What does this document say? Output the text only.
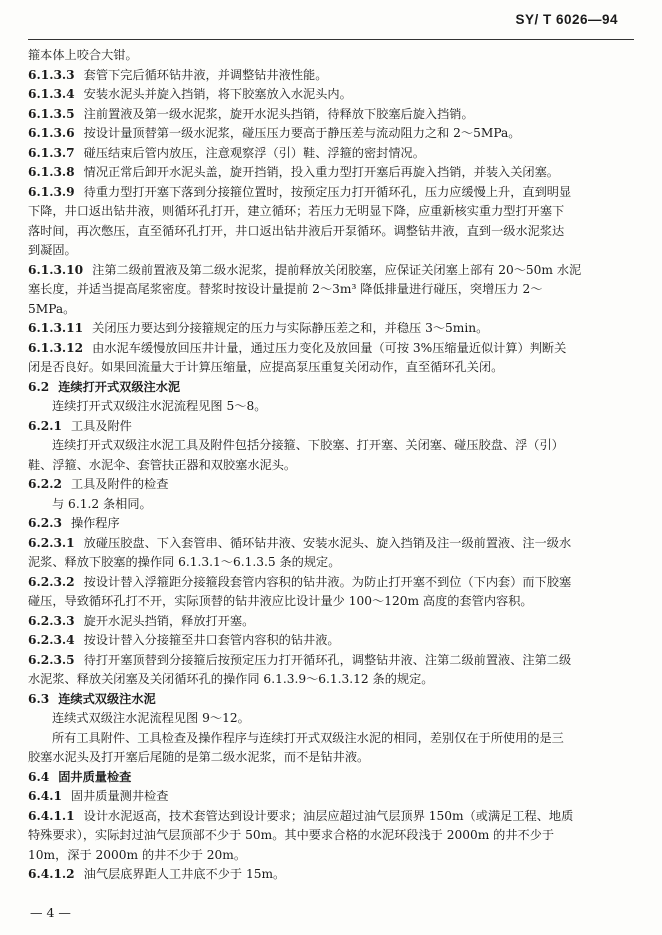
SY/ T 6026—94
箍本体上咬合大钳。
6.1.3.3 套管下完后循环钻井液，并调整钻井液性能。
6.1.3.4 安装水泥头并旋入挡销，将下胶塞放入水泥头内。
6.1.3.5 注前置液及第一级水泥浆，旋开水泥头挡销，待释放下胶塞后旋入挡销。
6.1.3.6 按设计量顶替第一级水泥浆，碰压压力要高于静压差与流动阻力之和 2～5MPa。
6.1.3.7 碰压结束后管内放压，注意观察浮（引）鞋、浮箍的密封情况。
6.1.3.8 情况正常后卸开水泥头盖，旋开挡销，投入重力型打开塞后再旋入挡销，并装入关闭塞。
6.1.3.9 待重力型打开塞下落到分接箍位置时，按预定压力打开循环孔，压力应缓慢上升，直到明显
下降，井口返出钻井液，则循环孔打开，建立循环；若压力无明显下降，应重新核实重力型打开塞下
落时间，再次憋压，直至循环孔打开，井口返出钻井液后开泵循环。调整钻井液，直到一级水泥浆达
到凝固。
6.1.3.10 注第二级前置液及第二级水泥浆，提前释放关闭胶塞，应保证关闭塞上部有 20～50m 水泥
塞长度，并适当提高尾浆密度。替浆时按设计量提前 2～3m³ 降低排量进行碰压，突增压力 2～
5MPa。
6.1.3.11 关闭压力要达到分接箍规定的压力与实际静压差之和，并稳压 3～5min。
6.1.3.12 由水泥车缓慢放回压井计量，通过压力变化及放回量（可按 3%压缩量近似计算）判断关
闭是否良好。如果回流量大于计算压缩量，应提高泵压重复关闭动作，直至循环孔关闭。
6.2 连续打开式双级注水泥
连续打开式双级注水泥流程见图 5～8。
6.2.1 工具及附件
连续打开式双级注水泥工具及附件包括分接箍、下胶塞、打开塞、关闭塞、碰压胶盘、浮（引）
鞋、浮箍、水泥伞、套管扶正器和双胶塞水泥头。
6.2.2 工具及附件的检查
与 6.1.2 条相同。
6.2.3 操作程序
6.2.3.1 放碰压胶盘、下入套管串、循环钻井液、安装水泥头、旋入挡销及注一级前置液、注一级水
泥浆、释放下胶塞的操作同 6.1.3.1～6.1.3.5 条的规定。
6.2.3.2 按设计替入浮箍距分接箍段套管内容积的钻井液。为防止打开塞不到位（下内套）而下胶塞
碰压，导致循环孔打不开，实际顶替的钻井液应比设计量少 100～120m 高度的套管内容积。
6.2.3.3 旋开水泥头挡销，释放打开塞。
6.2.3.4 按设计替入分接箍至井口套管内容积的钻井液。
6.2.3.5 待打开塞顶替到分接箍后按预定压力打开循环孔，调整钻井液、注第二级前置液、注第二级
水泥浆、释放关闭塞及关闭循环孔的操作同 6.1.3.9～6.1.3.12 条的规定。
6.3 连续式双级注水泥
连续式双级注水泥流程见图 9～12。
所有工具附件、工具检查及操作程序与连续打开式双级注水泥的相同，差别仅在于所使用的是三
胶塞水泥头及打开塞后尾随的是第二级水泥浆，而不是钻井液。
6.4 固井质量检查
6.4.1 固井质量测井检查
6.4.1.1 设计水泥返高，技术套管达到设计要求；油层应超过油气层顶界 150m（或满足工程、地质
特殊要求），实际封过油气层顶部不少于 50m。其中要求合格的水泥环段浅于 2000m 的井不少于
10m，深于 2000m 的井不少于 20m。
6.4.1.2 油气层底界距人工井底不少于 15m。
— 4 —
